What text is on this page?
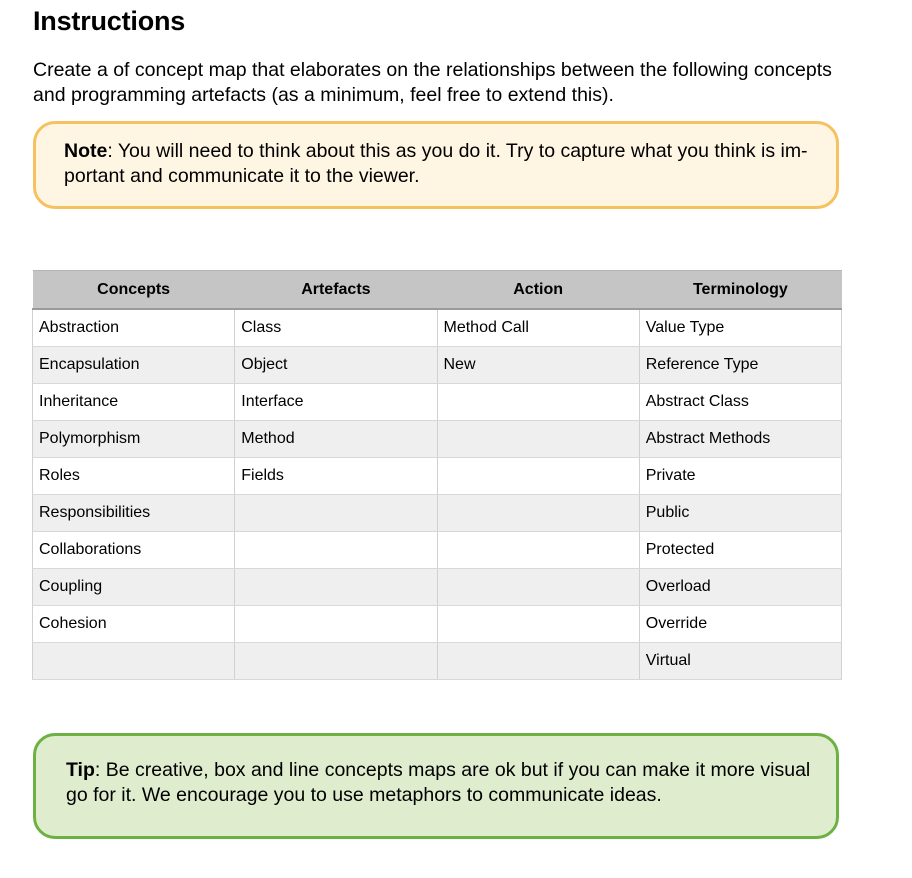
Instructions
Create a of concept map that elaborates on the relationships between the following concepts and programming artefacts (as a minimum, feel free to extend this).
Note: You will need to think about this as you do it. Try to capture what you think is im-
portant and communicate it to the viewer.
Concepts	Artefacts	Action	Terminology
Abstraction	Class	Method Call	Value Type
Encapsulation	Object	New	Reference Type
Inheritance	Interface		Abstract Class
Polymorphism	Method		Abstract Methods
Roles	Fields		Private
Responsibilities			Public
Collaborations			Protected
Coupling			Overload
Cohesion			Override
			Virtual
Tip: Be creative, box and line concepts maps are ok but if you can make it more visual
go for it. We encourage you to use metaphors to communicate ideas.
